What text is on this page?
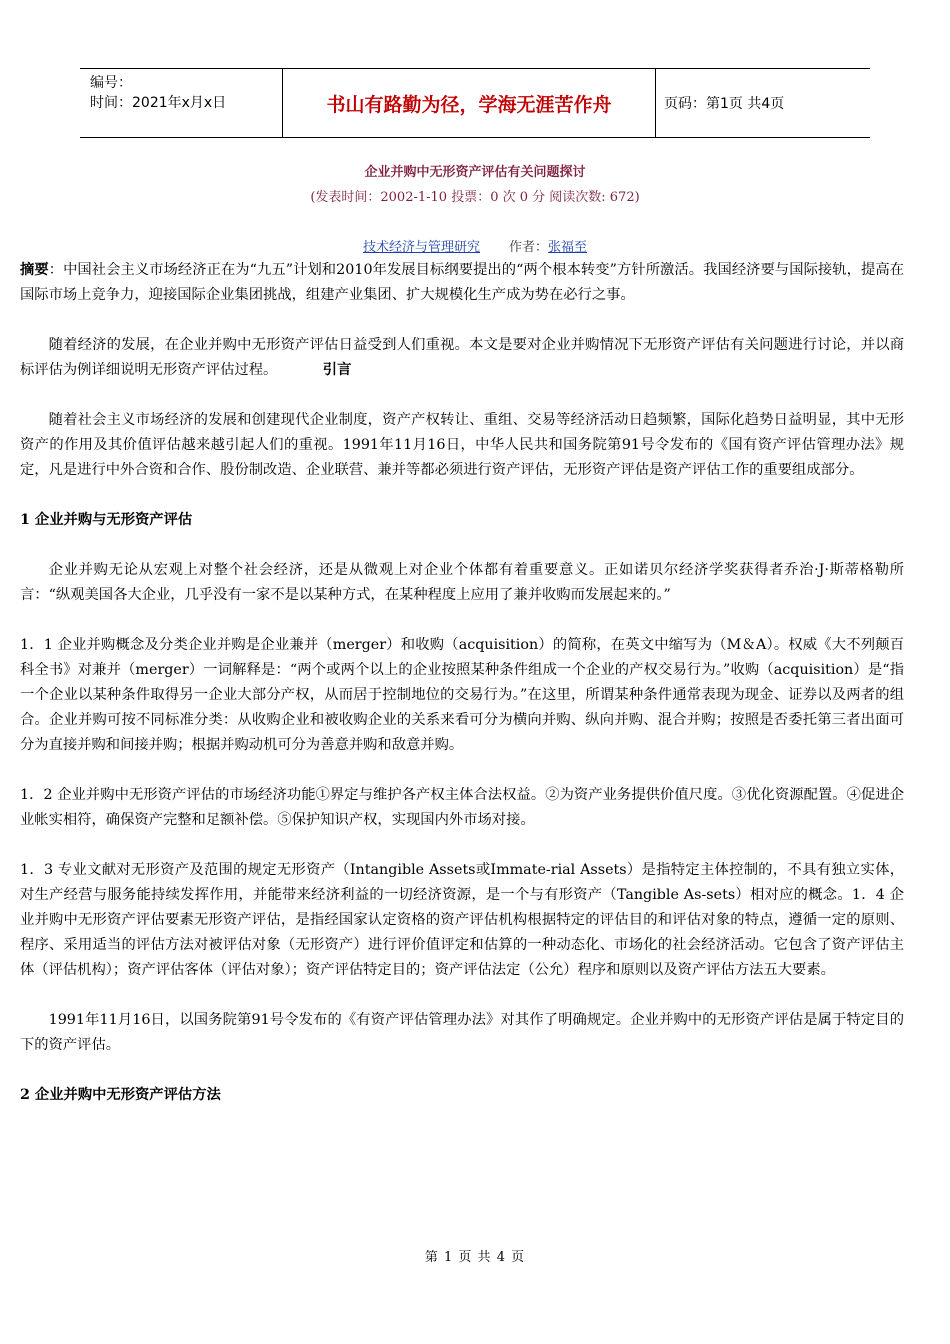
编号：
时间：2021年x月x日	书山有路勤为径，学海无涯苦作舟	页码：第1页 共4页
企业并购中无形资产评估有关问题探讨
(发表时间：2002-1-10 投票：0 次 0 分 阅读次数: 672)
技术经济与管理研究 作者：张福至

摘要：中国社会主义市场经济正在为“九五”计划和2010年发展目标纲要提出的“两个根本转变”方针所激活。我国经济要与国际接轨，提高在国际市场上竞争力，迎接国际企业集团挑战，组建产业集团、扩大规模化生产成为势在必行之事。

随着经济的发展，在企业并购中无形资产评估日益受到人们重视。本文是要对企业并购情况下无形资产评估有关问题进行讨论，并以商标评估为例详细说明无形资产评估过程。	引言

随着社会主义市场经济的发展和创建现代企业制度，资产产权转让、重组、交易等经济活动日趋频繁，国际化趋势日益明显，其中无形资产的作用及其价值评估越来越引起人们的重视。1991年11月16日，中华人民共和国务院第91号令发布的《国有资产评估管理办法》规定，凡是进行中外合资和合作、股份制改造、企业联营、兼并等都必须进行资产评估，无形资产评估是资产评估工作的重要组成部分。

1 企业并购与无形资产评估

企业并购无论从宏观上对整个社会经济，还是从微观上对企业个体都有着重要意义。正如诺贝尔经济学奖获得者乔治·J·斯蒂格勒所言：“纵观美国各大企业，几乎没有一家不是以某种方式，在某种程度上应用了兼并收购而发展起来的。”

1．1 企业并购概念及分类企业并购是企业兼并（merger）和收购（acquisition）的简称，在英文中缩写为（M＆A）。权威《大不列颠百科全书》对兼并（merger）一词解释是：“两个或两个以上的企业按照某种条件组成一个企业的产权交易行为。”收购（acquisition）是“指一个企业以某种条件取得另一企业大部分产权，从而居于控制地位的交易行为。”在这里，所谓某种条件通常表现为现金、证券以及两者的组合。企业并购可按不同标准分类：从收购企业和被收购企业的关系来看可分为横向并购、纵向并购、混合并购；按照是否委托第三者出面可分为直接并购和间接并购；根据并购动机可分为善意并购和敌意并购。

1．2 企业并购中无形资产评估的市场经济功能①界定与维护各产权主体合法权益。②为资产业务提供价值尺度。③优化资源配置。④促进企业帐实相符，确保资产完整和足额补偿。⑤保护知识产权，实现国内外市场对接。

1．3 专业文献对无形资产及范围的规定无形资产（Intangible Assets或Immate-rial Assets）是指特定主体控制的，不具有独立实体，对生产经营与服务能持续发挥作用，并能带来经济利益的一切经济资源，是一个与有形资产（Tangible As-sets）相对应的概念。1．4 企业并购中无形资产评估要素无形资产评估，是指经国家认定资格的资产评估机构根据特定的评估目的和评估对象的特点，遵循一定的原则、程序、采用适当的评估方法对被评估对象（无形资产）进行评价值评定和估算的一种动态化、市场化的社会经济活动。它包含了资产评估主体（评估机构）；资产评估客体（评估对象）；资产评估特定目的；资产评估法定（公允）程序和原则以及资产评估方法五大要素。

1991年11月16日，以国务院第91号令发布的《有资产评估管理办法》对其作了明确规定。企业并购中的无形资产评估是属于特定目的下的资产评估。

2 企业并购中无形资产评估方法

第 1 页 共 4 页
